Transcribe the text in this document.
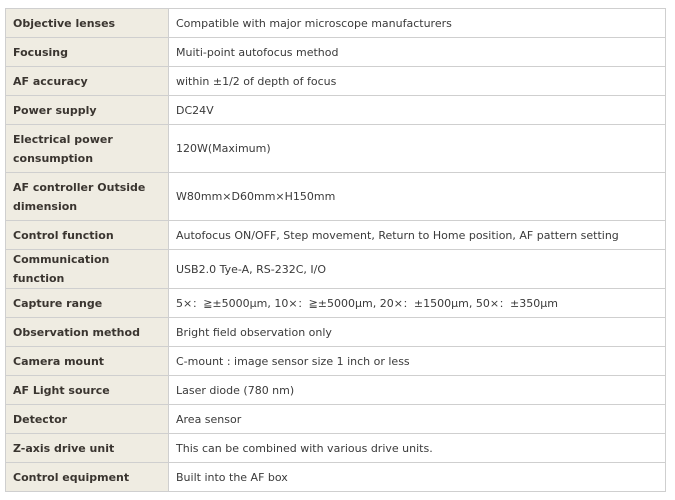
Objective lenses	Compatible with major microscope manufacturers
Focusing	Muiti-point autofocus method
AF accuracy	within ±1/2 of depth of focus
Power supply	DC24V
Electrical power consumption	120W(Maximum)
AF controller Outside dimension	W80mm×D60mm×H150mm
Control function	Autofocus ON/OFF, Step movement, Return to Home position, AF pattern setting
Communication function	USB2.0 Tye-A, RS-232C, I/O
Capture range	5×：≧±5000μm, 10×：≧±5000μm, 20×：±1500μm, 50×：±350μm
Observation method	Bright field observation only
Camera mount	C-mount : image sensor size 1 inch or less
AF Light source	Laser diode (780 nm)
Detector	Area sensor
Z-axis drive unit	This can be combined with various drive units.
Control equipment	Built into the AF box
